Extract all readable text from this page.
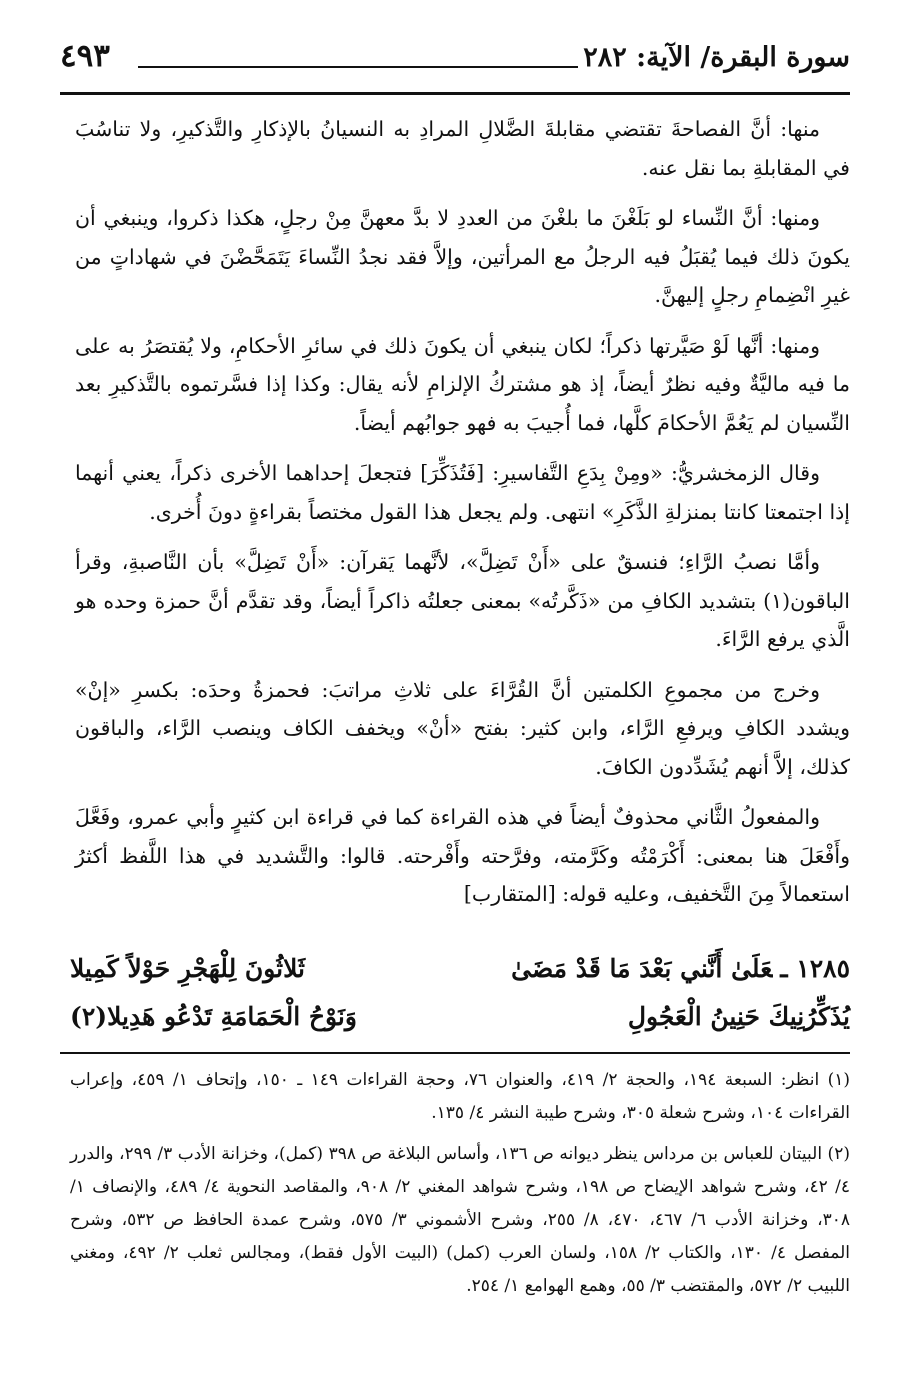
سورة البقرة/ الآية: ٢٨٢
٤٩٣

منها: أنَّ الفصاحةَ تقتضي مقابلةَ الضَّلالِ المرادِ به النسيانُ بالإذكارِ والتَّذكيرِ، ولا تناسُبَ في المقابلةِ بما نقل عنه.

ومنها: أنَّ النِّساء لو بَلَغْنَ ما بلغْنَ من العددِ لا بدَّ معهنَّ مِنْ رجلٍ، هكذا ذكروا، وينبغي أن يكونَ ذلك فيما يُقبَلُ فيه الرجلُ مع المرأتين، وإلاَّ فقد نجدُ النِّساءَ يَتَمَحَّضْنَ في شهاداتٍ من غيرِ انْضِمامِ رجلٍ إليهنَّ.

ومنها: أنَّها لَوْ صَيَّرتها ذكراً؛ لكان ينبغي أن يكونَ ذلك في سائرِ الأحكامِ، ولا يُقتصَرُ به على ما فيه ماليَّةٌ وفيه نظرٌ أيضاً، إذ هو مشتركُ الإلزامِ لأنه يقال: وكذا إذا فسَّرتموه بالتَّذكيرِ بعد النِّسيان لم يَعُمَّ الأحكامَ كلَّها، فما أُجيبَ به فهو جوابُهم أيضاً.

وقال الزمخشريُّ: «ومِنْ بِدَعِ التَّفاسيرِ: [فَتُذَكِّرَ] فتجعلَ إحداهما الأخرى ذكراً، يعني أنهما إذا اجتمعتا كانتا بمنزلةِ الذَّكَرِ» انتهى. ولم يجعل هذا القول مختصاً بقراءةٍ دونَ أُخرى.

وأمَّا نصبُ الرَّاءِ؛ فنسقٌ على «أَنْ تَضِلَّ»، لأنَّهما يَقرآن: «أَنْ تَضِلَّ» بأن النَّاصبةِ، وقرأ الباقون(١) بتشديد الكافِ من «ذَكَّرتُه» بمعنى جعلتُه ذاكراً أيضاً، وقد تقدَّم أنَّ حمزة وحده هو الَّذي يرفع الرَّاءَ.

وخرج من مجموعِ الكلمتين أنَّ القُرَّاءَ على ثلاثِ مراتبَ: فحمزةُ وحدَه: بكسرِ «إنْ» ويشدد الكافِ ويرفعِ الرَّاء، وابن كثير: بفتح «أنْ» ويخفف الكاف وينصب الرَّاء، والباقون كذلك، إلاَّ أنهم يُشَدِّدون الكافَ.

والمفعولُ الثَّاني محذوفٌ أيضاً في هذه القراءة كما في قراءة ابن كثيرٍ وأبي عمرو، وفَعَّلَ وأَفْعَلَ هنا بمعنى: أَكْرَمْتُه وكَرَّمته، وفرَّحته وأَفْرحته. قالوا: والتَّشديد في هذا اللَّفظ أكثرُ استعمالاً مِنَ التَّخفيف، وعليه قوله: [المتقارب]

١٢٨٥ ـعَلَىٰ أَنَّني بَعْدَ مَا قَدْ مَضَىٰ
ثَلاثُونَ لِلْهَجْرِ حَوْلاً كَمِيلا
يُذَكِّرُنِيكَ حَنِينُ الْعَجُولِ
وَنَوْحُ الْحَمَامَةِ تَدْعُو هَدِيلا(٢)

(١) انظر: السبعة ١٩٤، والحجة ٢/ ٤١٩، والعنوان ٧٦، وحجة القراءات ١٤٩ ـ ١٥٠، وإتحاف ١/ ٤٥٩، وإعراب القراءات ١٠٤، وشرح شعلة ٣٠٥، وشرح طيبة النشر ٤/ ١٣٥.

(٢) البيتان للعباس بن مرداس ينظر ديوانه ص ١٣٦، وأساس البلاغة ص ٣٩٨ (كمل)، وخزانة الأدب ٣/ ٢٩٩، والدرر ٤/ ٤٢، وشرح شواهد الإيضاح ص ١٩٨، وشرح شواهد المغني ٢/ ٩٠٨، والمقاصد النحوية ٤/ ٤٨٩، والإنصاف ١/ ٣٠٨، وخزانة الأدب ٦/ ٤٦٧، ٤٧٠، ٨/ ٢٥٥، وشرح الأشموني ٣/ ٥٧٥، وشرح عمدة الحافظ ص ٥٣٢، وشرح المفصل ٤/ ١٣٠، والكتاب ٢/ ١٥٨، ولسان العرب (كمل) (البيت الأول فقط)، ومجالس ثعلب ٢/ ٤٩٢، ومغني اللبيب ٢/ ٥٧٢، والمقتضب ٣/ ٥٥، وهمع الهوامع ١/ ٢٥٤.
